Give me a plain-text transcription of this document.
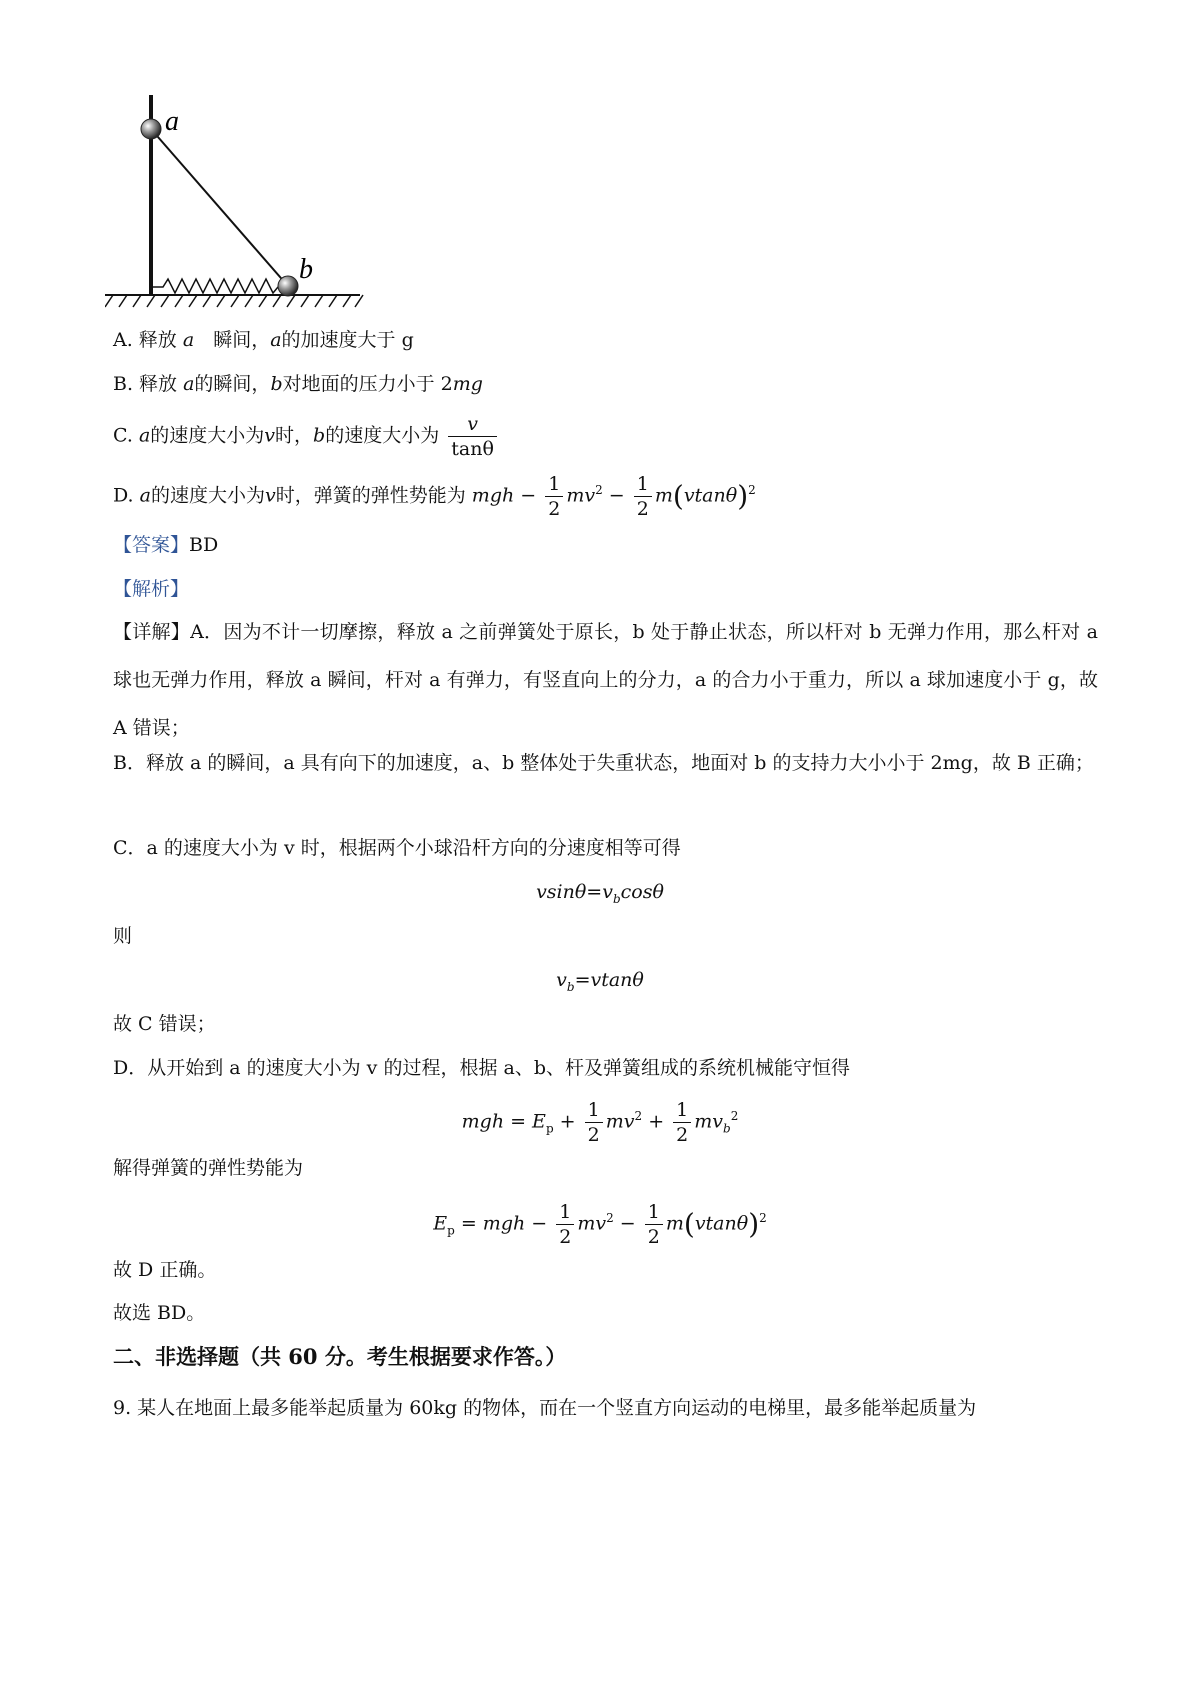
a
b
A. 释放 a　瞬间，a的加速度大于 g
B. 释放 a的瞬间，b对地面的压力小于 2mg
C. a的速度大小为v时，b的速度大小为 $\frac{v}{\tan\theta}$
D. a的速度大小为v时，弹簧的弹性势能为 mgh − $\frac{1}{2} mv^2 - \frac{1}{2} m(vtan\theta)^2$
【答案】BD
【解析】
【详解】A．因为不计一切摩擦，释放 a 之前弹簧处于原长，b 处于静止状态，所以杆对 b 无弹力作用，那么杆对 a 球也无弹力作用，释放 a 瞬间，杆对 a 有弹力，有竖直向上的分力，a 的合力小于重力，所以 a 球加速度小于 g，故 A 错误；
B．释放 a 的瞬间，a 具有向下的加速度，a、b 整体处于失重状态，地面对 b 的支持力大小小于 2mg，故 B 正确；
C．a 的速度大小为 v 时，根据两个小球沿杆方向的分速度相等可得
$vsin\theta=v_b\cos\theta$
则
$v_b=vtan\theta$
故 C 错误；
D．从开始到 a 的速度大小为 v 的过程，根据 a、b、杆及弹簧组成的系统机械能守恒得
mgh = $E_p + \frac{1}{2} mv^2 + \frac{1}{2} mv_b^2$
解得弹簧的弹性势能为
$E_p$ = mgh − $\frac{1}{2} mv^2 - \frac{1}{2} m(vtan\theta)^2$
故 D 正确。
故选 BD。
二、非选择题（共 60 分。考生根据要求作答。）
9. 某人在地面上最多能举起质量为 60kg 的物体，而在一个竖直方向运动的电梯里，最多能举起质量为
